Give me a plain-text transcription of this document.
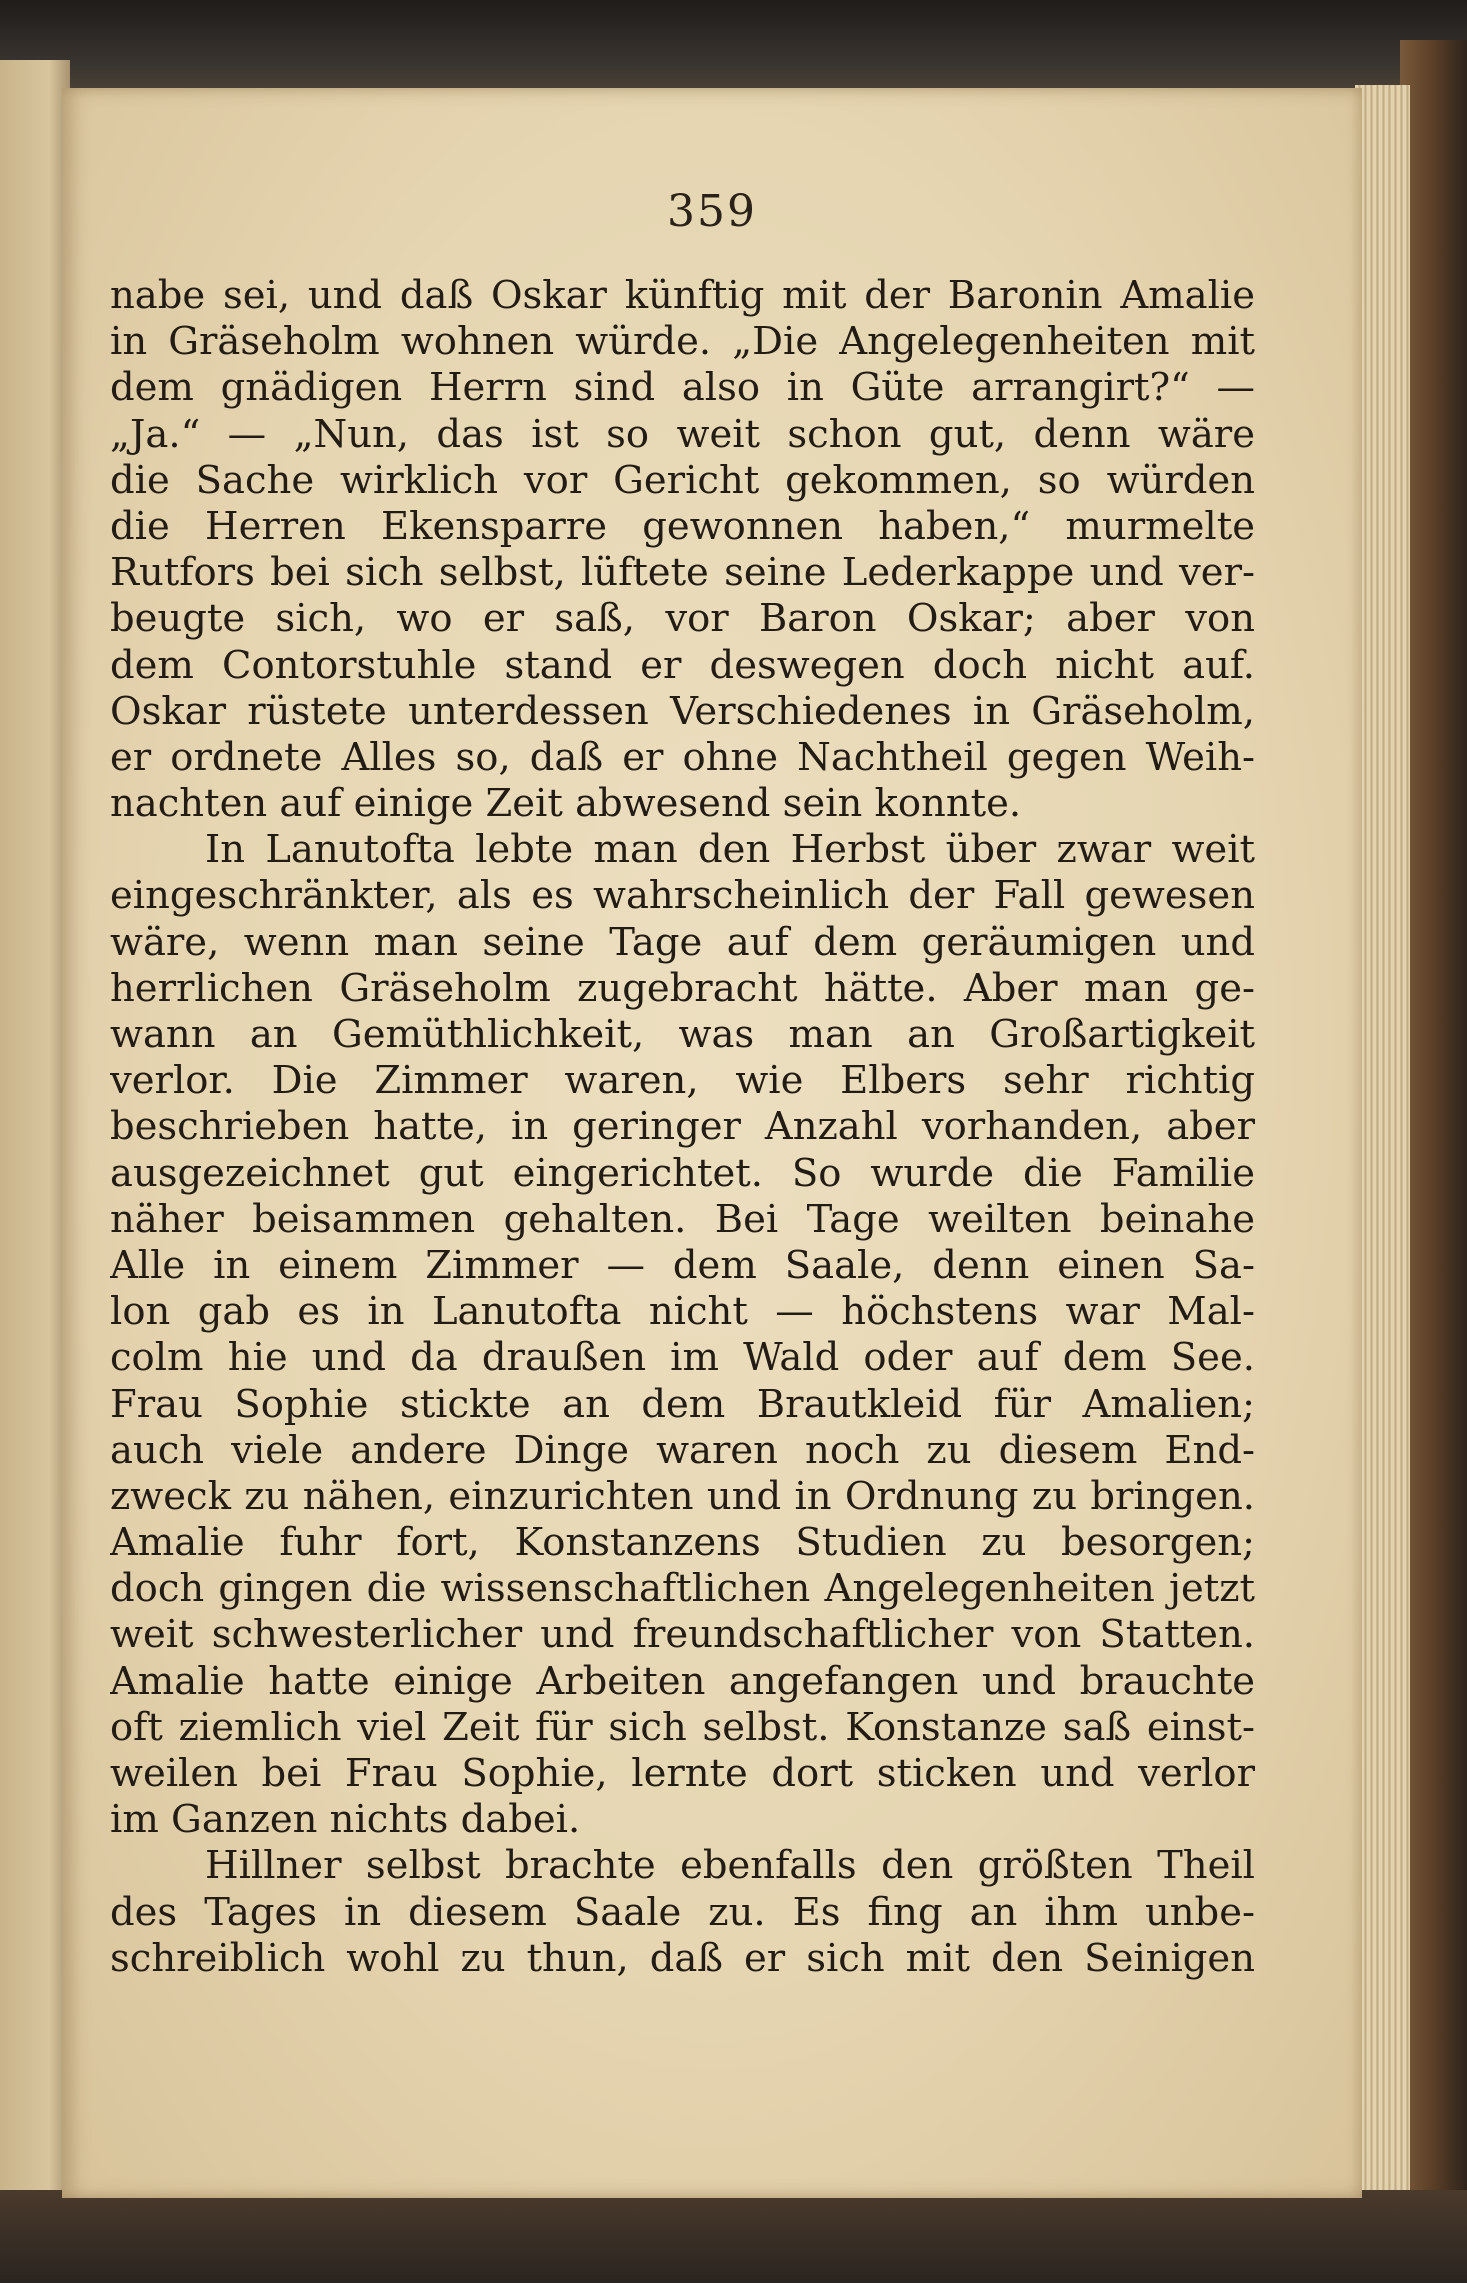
359
nabe sei, und daß Oskar künftig mit der Baronin Amalie
in Gräseholm wohnen würde. „Die Angelegenheiten mit
dem gnädigen Herrn sind also in Güte arrangirt?“ —
„Ja.“ — „Nun, das ist so weit schon gut, denn wäre
die Sache wirklich vor Gericht gekommen, so würden
die Herren Ekensparre gewonnen haben,“ murmelte
Rutfors bei sich selbst, lüftete seine Lederkappe und ver-
beugte sich, wo er saß, vor Baron Oskar; aber von
dem Contorstuhle stand er deswegen doch nicht auf.
Oskar rüstete unterdessen Verschiedenes in Gräseholm,
er ordnete Alles so, daß er ohne Nachtheil gegen Weih-
nachten auf einige Zeit abwesend sein konnte.
In Lanutofta lebte man den Herbst über zwar weit
eingeschränkter, als es wahrscheinlich der Fall gewesen
wäre, wenn man seine Tage auf dem geräumigen und
herrlichen Gräseholm zugebracht hätte. Aber man ge-
wann an Gemüthlichkeit, was man an Großartigkeit
verlor. Die Zimmer waren, wie Elbers sehr richtig
beschrieben hatte, in geringer Anzahl vorhanden, aber
ausgezeichnet gut eingerichtet. So wurde die Familie
näher beisammen gehalten. Bei Tage weilten beinahe
Alle in einem Zimmer — dem Saale, denn einen Sa-
lon gab es in Lanutofta nicht — höchstens war Mal-
colm hie und da draußen im Wald oder auf dem See.
Frau Sophie stickte an dem Brautkleid für Amalien;
auch viele andere Dinge waren noch zu diesem End-
zweck zu nähen, einzurichten und in Ordnung zu bringen.
Amalie fuhr fort, Konstanzens Studien zu besorgen;
doch gingen die wissenschaftlichen Angelegenheiten jetzt
weit schwesterlicher und freundschaftlicher von Statten.
Amalie hatte einige Arbeiten angefangen und brauchte
oft ziemlich viel Zeit für sich selbst. Konstanze saß einst-
weilen bei Frau Sophie, lernte dort sticken und verlor
im Ganzen nichts dabei.
Hillner selbst brachte ebenfalls den größten Theil
des Tages in diesem Saale zu. Es fing an ihm unbe-
schreiblich wohl zu thun, daß er sich mit den Seinigen
